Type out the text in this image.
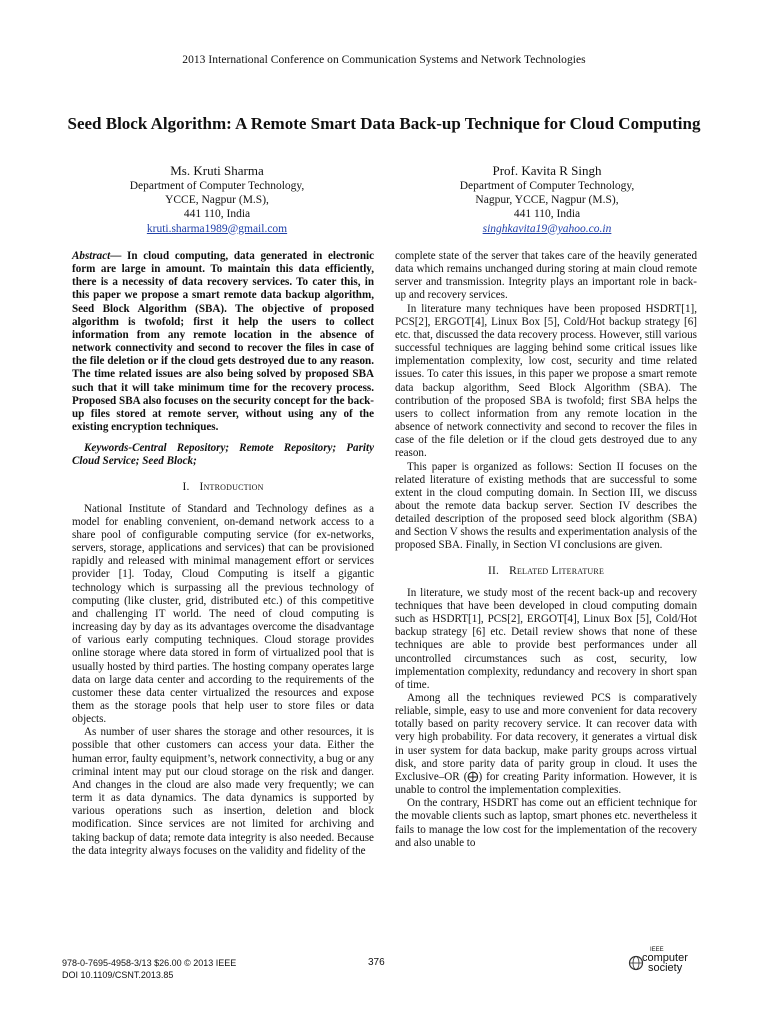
2013 International Conference on Communication Systems and Network Technologies
Seed Block Algorithm: A Remote Smart Data Back-up Technique for Cloud Computing
Ms. Kruti Sharma
Department of Computer Technology,
YCCE, Nagpur (M.S),
441 110, India
kruti.sharma1989@gmail.com
Prof. Kavita R Singh
Department of Computer Technology,
Nagpur, YCCE, Nagpur (M.S),
441 110, India
singhkavita19@yahoo.co.in

Abstract— In cloud computing, data generated in electronic form are large in amount. To maintain this data efficiently, there is a necessity of data recovery services. To cater this, in this paper we propose a smart remote data backup algorithm, Seed Block Algorithm (SBA). The objective of proposed algorithm is twofold; first it help the users to collect information from any remote location in the absence of network connectivity and second to recover the files in case of the file deletion or if the cloud gets destroyed due to any reason. The time related issues are also being solved by proposed SBA such that it will take minimum time for the recovery process. Proposed SBA also focuses on the security concept for the back-up files stored at remote server, without using any of the existing encryption techniques.

Keywords-Central Repository; Remote Repository; Parity Cloud Service; Seed Block;

I. Introduction

National Institute of Standard and Technology defines as a model for enabling convenient, on-demand network access to a share pool of configurable computing service (for ex-networks, servers, storage, applications and services) that can be provisioned rapidly and released with minimal management effort or services provider [1]. Today, Cloud Computing is itself a gigantic technology which is surpassing all the previous technology of computing (like cluster, grid, distributed etc.) of this competitive and challenging IT world. The need of cloud computing is increasing day by day as its advantages overcome the disadvantage of various early computing techniques. Cloud storage provides online storage where data stored in form of virtualized pool that is usually hosted by third parties. The hosting company operates large data on large data center and according to the requirements of the customer these data center virtualized the resources and expose them as the storage pools that help user to store files or data objects.

As number of user shares the storage and other resources, it is possible that other customers can access your data. Either the human error, faulty equipment’s, network connectivity, a bug or any criminal intent may put our cloud storage on the risk and danger. And changes in the cloud are also made very frequently; we can term it as data dynamics. The data dynamics is supported by various operations such as insertion, deletion and block modification. Since services are not limited for archiving and taking backup of data; remote data integrity is also needed. Because the data integrity always focuses on the validity and fidelity of the

complete state of the server that takes care of the heavily generated data which remains unchanged during storing at main cloud remote server and transmission. Integrity plays an important role in back-up and recovery services.

In literature many techniques have been proposed HSDRT[1], PCS[2], ERGOT[4], Linux Box [5], Cold/Hot backup strategy [6] etc. that, discussed the data recovery process. However, still various successful techniques are lagging behind some critical issues like implementation complexity, low cost, security and time related issues. To cater this issues, in this paper we propose a smart remote data backup algorithm, Seed Block Algorithm (SBA). The contribution of the proposed SBA is twofold; first SBA helps the users to collect information from any remote location in the absence of network connectivity and second to recover the files in case of the file deletion or if the cloud gets destroyed due to any reason.

This paper is organized as follows: Section II focuses on the related literature of existing methods that are successful to some extent in the cloud computing domain. In Section III, we discuss about the remote data backup server. Section IV describes the detailed description of the proposed seed block algorithm (SBA) and Section V shows the results and experimentation analysis of the proposed SBA. Finally, in Section VI conclusions are given.

II. Related Literature

In literature, we study most of the recent back-up and recovery techniques that have been developed in cloud computing domain such as HSDRT[1], PCS[2], ERGOT[4], Linux Box [5], Cold/Hot backup strategy [6] etc. Detail review shows that none of these techniques are able to provide best performances under all uncontrolled circumstances such as cost, security, low implementation complexity, redundancy and recovery in short span of time.

Among all the techniques reviewed PCS is comparatively reliable, simple, easy to use and more convenient for data recovery totally based on parity recovery service. It can recover data with very high probability. For data recovery, it generates a virtual disk in user system for data backup, make parity groups across virtual disk, and store parity data of parity group in cloud. It uses the Exclusive–OR (⨁) for creating Parity information. However, it is unable to control the implementation complexities.

On the contrary, HSDRT has come out an efficient technique for the movable clients such as laptop, smart phones etc. nevertheless it fails to manage the low cost for the implementation of the recovery and also unable to

978-0-7695-4958-3/13 $26.00 © 2013 IEEE
DOI 10.1109/CSNT.2013.85
376
IEEE
computer
society
